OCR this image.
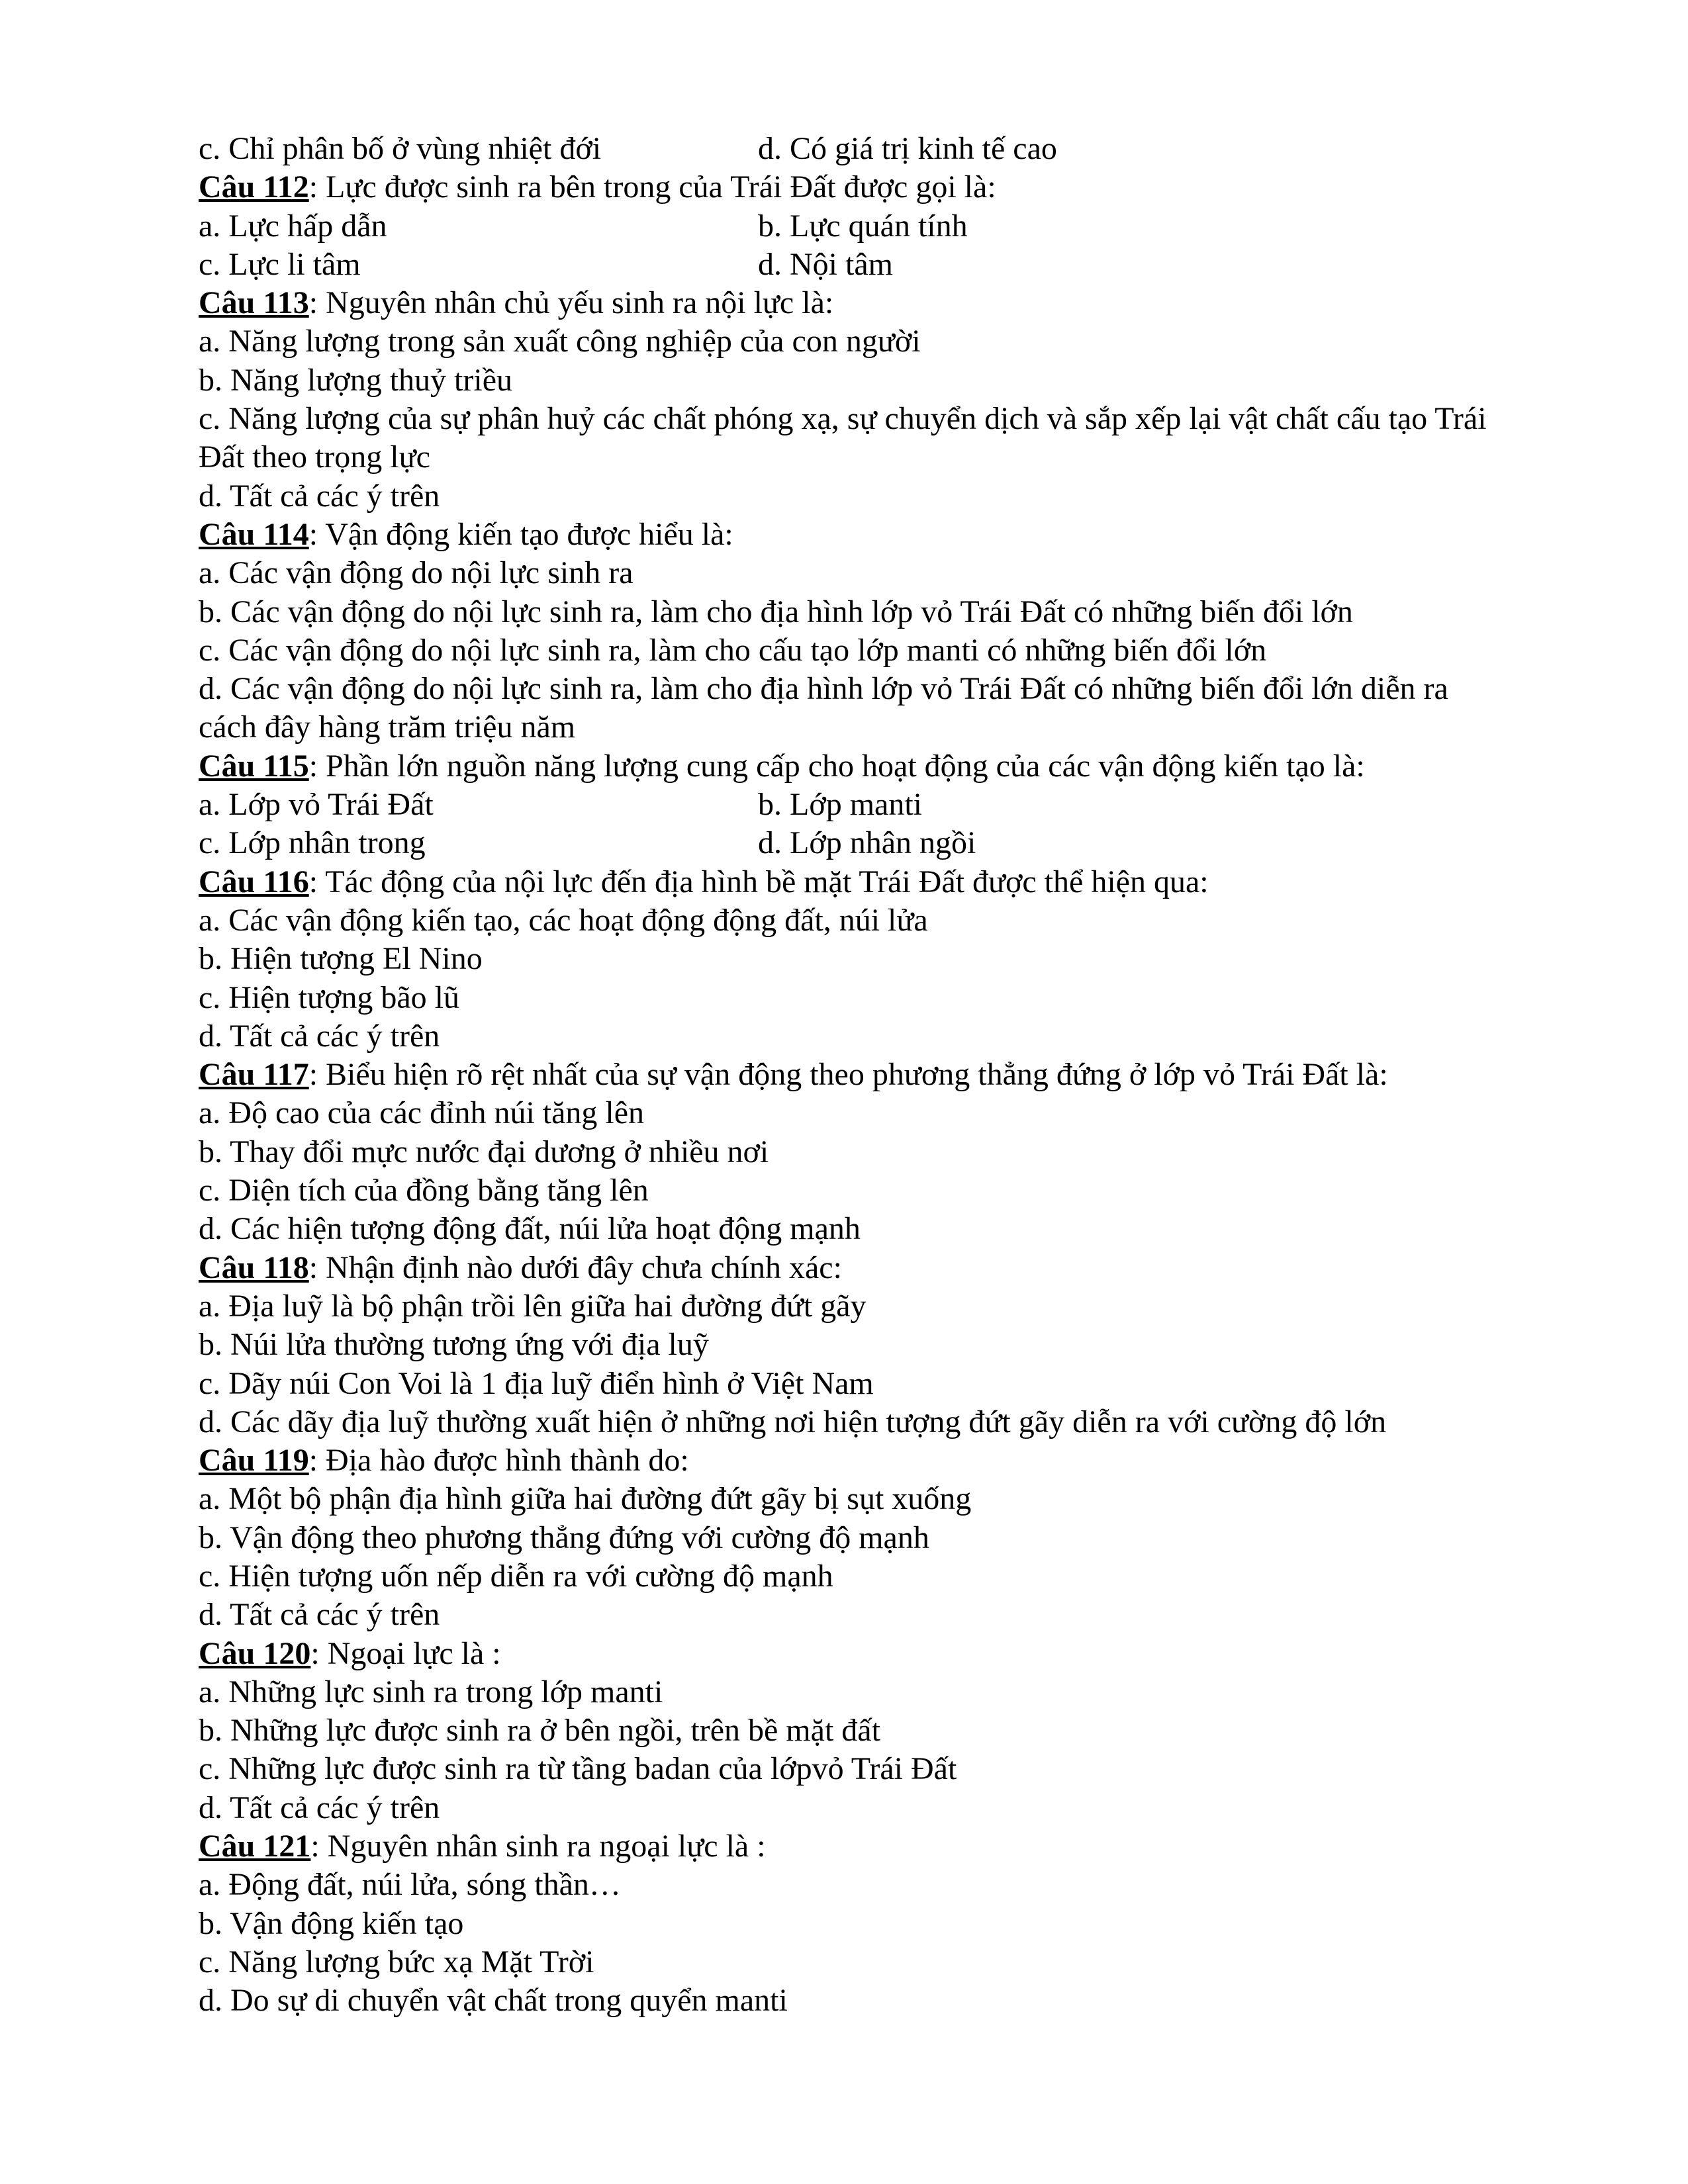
c. Chỉ phân bố ở vùng nhiệt đới	d. Có giá trị kinh tế cao
Câu 112: Lực được sinh ra bên trong của Trái Đất được gọi là:
a. Lực hấp dẫn	b. Lực quán tính
c. Lực li tâm	d. Nội tâm
Câu 113: Nguyên nhân chủ yếu sinh ra nội lực là:
a. Năng lượng trong sản xuất công nghiệp của con người
b. Năng lượng thuỷ triều
c. Năng lượng của sự phân huỷ các chất phóng xạ, sự chuyển dịch và sắp xếp lại vật chất cấu tạo Trái Đất theo trọng lực
d. Tất cả các ý trên
Câu 114: Vận động kiến tạo được hiểu là:
a. Các vận động do nội lực sinh ra
b. Các vận động do nội lực sinh ra, làm cho địa hình lớp vỏ Trái Đất có những biến đổi lớn
c. Các vận động do nội lực sinh ra, làm cho cấu tạo lớp manti có những biến đổi lớn
d. Các vận động do nội lực sinh ra, làm cho địa hình lớp vỏ Trái Đất có những biến đổi lớn diễn ra cách đây hàng trăm triệu năm
Câu 115: Phần lớn nguồn năng lượng cung cấp cho hoạt động của các vận động kiến tạo là:
a. Lớp vỏ Trái Đất	b. Lớp manti
c. Lớp nhân trong	d. Lớp nhân ngồi
Câu 116: Tác động của nội lực đến địa hình bề mặt Trái Đất được thể hiện qua:
a. Các vận động kiến tạo, các hoạt động động đất, núi lửa
b. Hiện tượng El Nino
c. Hiện tượng bão lũ
d. Tất cả các ý trên
Câu 117: Biểu hiện rõ rệt nhất của sự vận động theo phương thẳng đứng ở lớp vỏ Trái Đất là:
a. Độ cao của các đỉnh núi tăng lên
b. Thay đổi mực nước đại dương ở nhiều nơi
c. Diện tích của đồng bằng tăng lên
d. Các hiện tượng động đất, núi lửa hoạt động mạnh
Câu 118: Nhận định nào dưới đây chưa chính xác:
a. Địa luỹ là bộ phận trồi lên giữa hai đường đứt gãy
b. Núi lửa thường tương ứng với địa luỹ
c. Dãy núi Con Voi là 1 địa luỹ điển hình ở Việt Nam
d. Các dãy địa luỹ thường xuất hiện ở những nơi hiện tượng đứt gãy diễn ra với cường độ lớn
Câu 119: Địa hào được hình thành do:
a. Một bộ phận địa hình giữa hai đường đứt gãy bị sụt xuống
b. Vận động theo phương thẳng đứng với cường độ mạnh
c. Hiện tượng uốn nếp diễn ra với cường độ mạnh
d. Tất cả các ý trên
Câu 120: Ngoại lực là :
a. Những lực sinh ra trong lớp manti
b. Những lực được sinh ra ở bên ngồi, trên bề mặt đất
c. Những lực được sinh ra từ tầng badan của lớpvỏ Trái Đất
d. Tất cả các ý trên
Câu 121: Nguyên nhân sinh ra ngoại lực là :
a. Động đất, núi lửa, sóng thần…
b. Vận động kiến tạo
c. Năng lượng bức xạ Mặt Trời
d. Do sự di chuyển vật chất trong quyển manti
